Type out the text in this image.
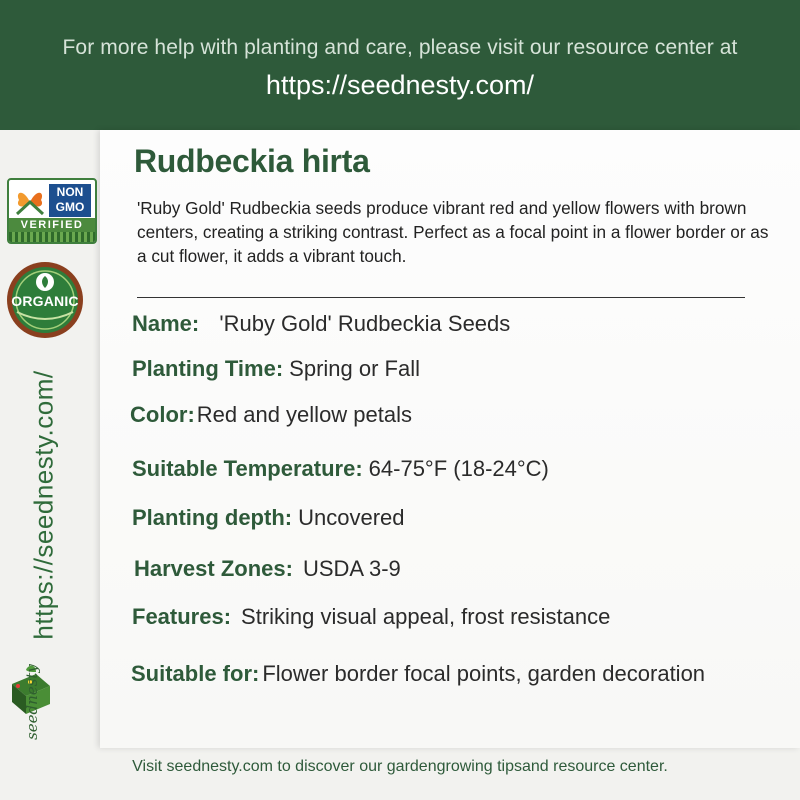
For more help with planting and care, please visit our resource center at
https://seednesty.com/
NON
GMO
VERIFIED
ORGANIC
https://seednesty.com/
seednesty
Rudbeckia hirta
'Ruby Gold' Rudbeckia seeds produce vibrant red and yellow flowers with brown centers, creating a striking contrast. Perfect as a focal point in a flower border or as a cut flower, it adds a vibrant touch.
Name: 'Ruby Gold' Rudbeckia Seeds
Planting Time: Spring or Fall
Color:Red and yellow petals
Suitable Temperature: 64-75°F (18-24°C)
Planting depth: Uncovered
Harvest Zones: USDA 3-9
Features: Striking visual appeal, frost resistance
Suitable for: Flower border focal points, garden decoration
Visit seednesty.com to discover our gardengrowing tipsand resource center.
